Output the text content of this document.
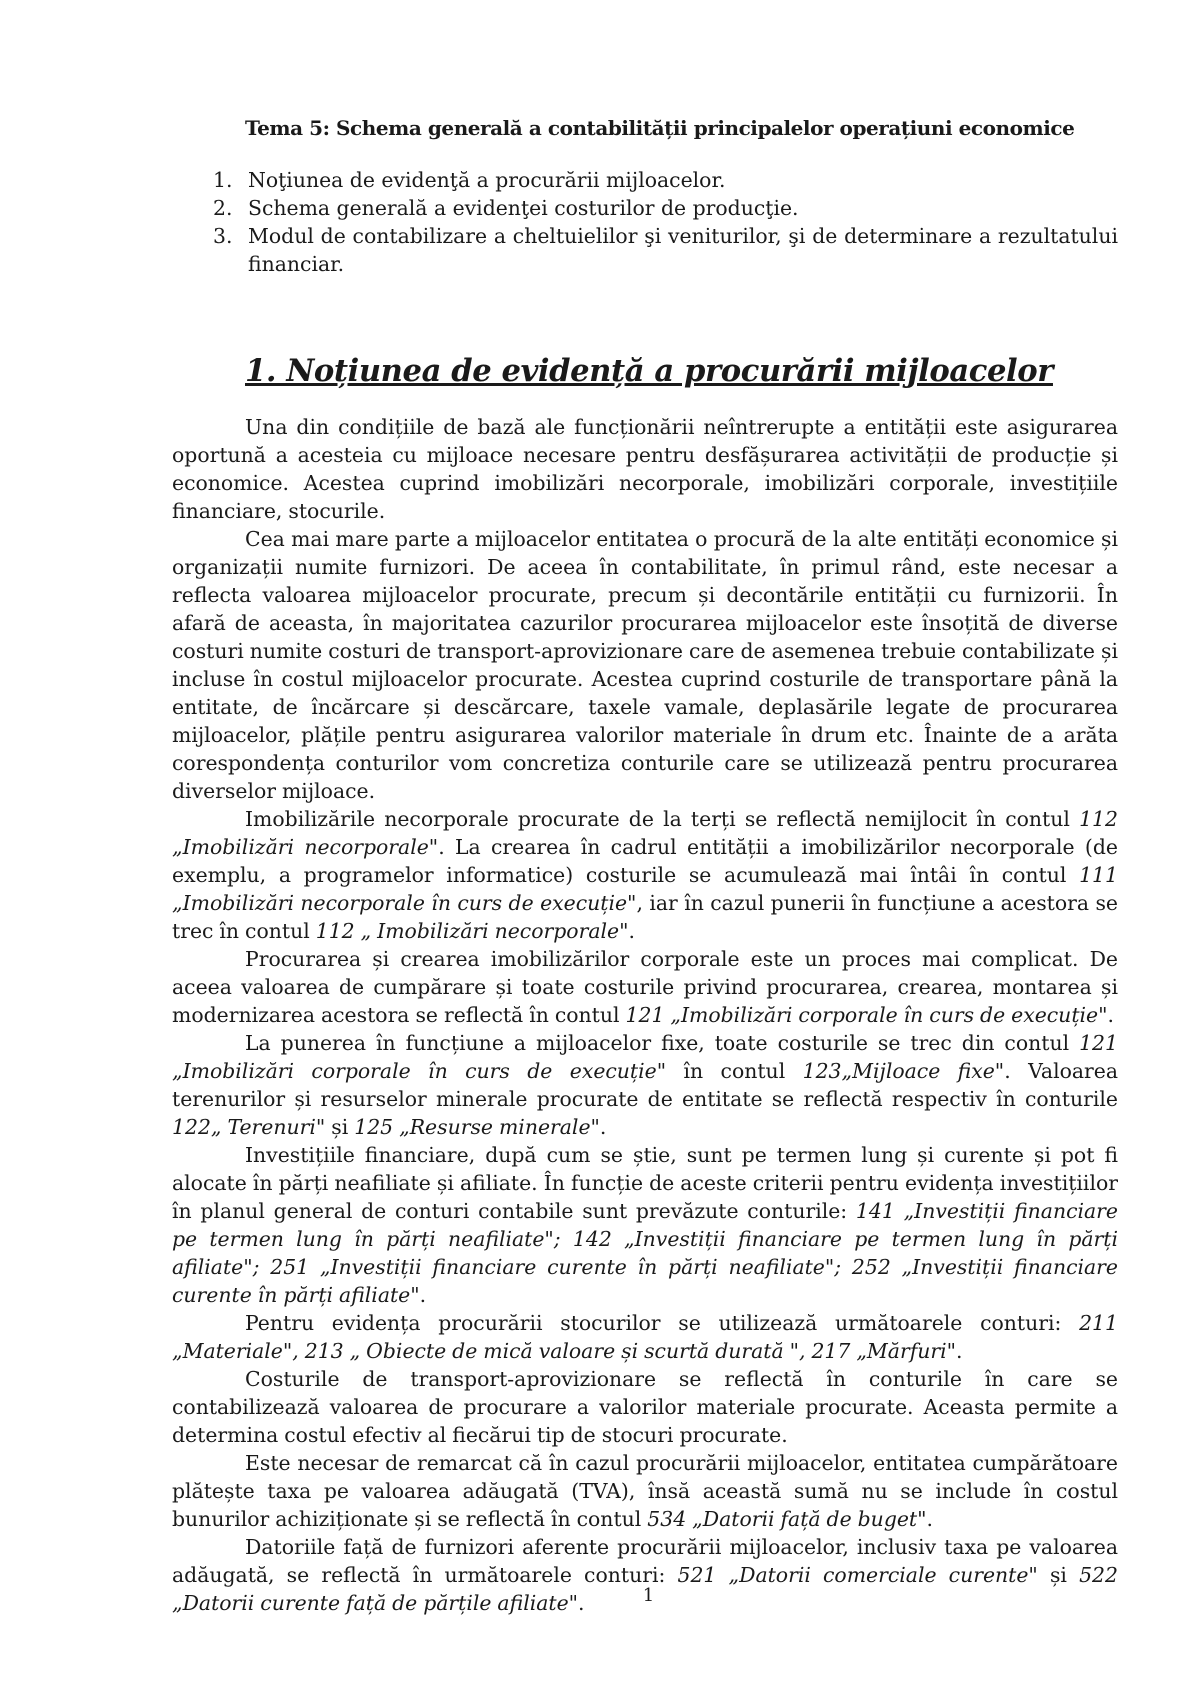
Tema 5: Schema generală a contabilității principalelor operațiuni economice
1. Noţiunea de evidenţă a procurării mijloacelor.
2. Schema generală a evidenţei costurilor de producţie.
3. Modul de contabilizare a cheltuielilor şi veniturilor, şi de determinare a rezultatului financiar.
1. Noțiunea de evidență a procurării mijloacelor

Una din condițiile de bază ale funcționării neîntrerupte a entității este asigurarea oportună a acesteia cu mijloace necesare pentru desfășurarea activității de producție și economice. Acestea cuprind imobilizări necorporale, imobilizări corporale, investițiile financiare, stocurile.

Cea mai mare parte a mijloacelor entitatea o procură de la alte entități economice și organizații numite furnizori. De aceea în contabilitate, în primul rând, este necesar a reflecta valoarea mijloacelor procurate, precum și decontările entității cu furnizorii. În afară de aceasta, în majoritatea cazurilor procurarea mijloacelor este însoțită de diverse costuri numite costuri de transport-aprovizionare care de asemenea trebuie contabilizate și incluse în costul mijloacelor procurate. Acestea cuprind costurile de transportare până la entitate, de încărcare și descărcare, taxele vamale, deplasările legate de procurarea mijloacelor, plățile pentru asigurarea valorilor materiale în drum etc. Înainte de a arăta corespondența conturilor vom concretiza conturile care se utilizează pentru procurarea diverselor mijloace.

Imobilizările necorporale procurate de la terți se reflectă nemijlocit în contul 112 „Imobilizări necorporale". La crearea în cadrul entității a imobilizărilor necorporale (de exemplu, a programelor informatice) costurile se acumulează mai întâi în contul 111 „Imobilizări necorporale în curs de execuție", iar în cazul punerii în funcțiune a acestora se trec în contul 112 „ Imobilizări necorporale".

Procurarea și crearea imobilizărilor corporale este un proces mai complicat. De aceea valoarea de cumpărare și toate costurile privind procurarea, crearea, montarea și modernizarea acestora se reflectă în contul 121 „Imobilizări corporale în curs de execuție".

La punerea în funcțiune a mijloacelor fixe, toate costurile se trec din contul 121 „Imobilizări corporale în curs de execuție" în contul 123„Mijloace fixe". Valoarea terenurilor și resurselor minerale procurate de entitate se reflectă respectiv în conturile 122„ Terenuri" și 125 „Resurse minerale".

Investițiile financiare, după cum se știe, sunt pe termen lung și curente și pot fi alocate în părți neafiliate și afiliate. În funcție de aceste criterii pentru evidența investițiilor în planul general de conturi contabile sunt prevăzute conturile: 141 „Investiții financiare pe termen lung în părți neafiliate"; 142 „Investiții financiare pe termen lung în părți afiliate"; 251 „Investiții financiare curente în părți neafiliate"; 252 „Investiții financiare curente în părți afiliate".

Pentru evidența procurării stocurilor se utilizează următoarele conturi: 211 „Materiale", 213 „ Obiecte de mică valoare și scurtă durată ", 217 „Mărfuri".

Costurile de transport-aprovizionare se reflectă în conturile în care se contabilizează valoarea de procurare a valorilor materiale procurate. Aceasta permite a determina costul efectiv al fiecărui tip de stocuri procurate.

Este necesar de remarcat că în cazul procurării mijloacelor, entitatea cumpărătoare plătește taxa pe valoarea adăugată (TVA), însă această sumă nu se include în costul bunurilor achiziționate și se reflectă în contul 534 „Datorii față de buget".

Datoriile față de furnizori aferente procurării mijloacelor, inclusiv taxa pe valoarea adăugată, se reflectă în următoarele conturi: 521 „Datorii comerciale curente" și 522 „Datorii curente față de părțile afiliate".	1
